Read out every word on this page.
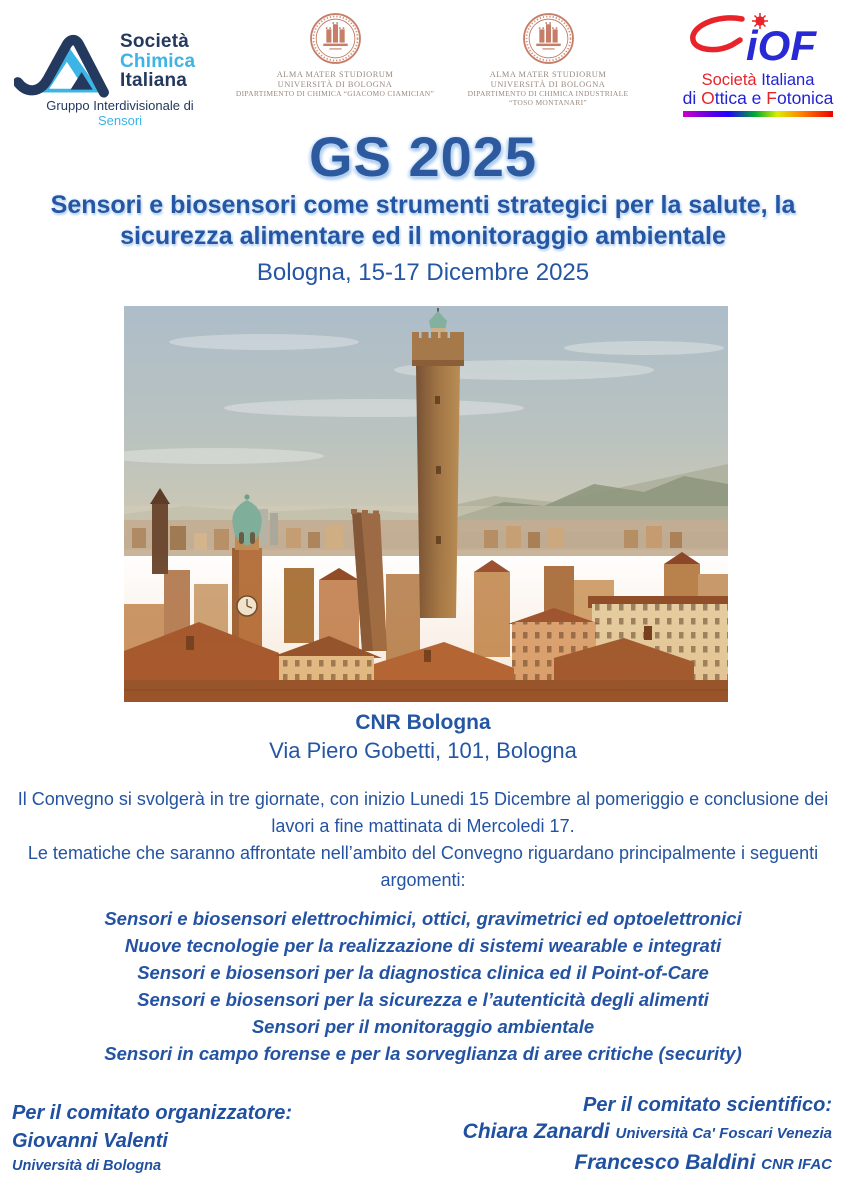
Società
Chimica
Italiana
Gruppo Interdivisionale di
Sensori
ALMA MATER STUDIORUM
UNIVERSITÀ DI BOLOGNA
DIPARTIMENTO DI CHIMICA “GIACOMO CIAMICIAN”
ALMA MATER STUDIORUM
UNIVERSITÀ DI BOLOGNA
DIPARTIMENTO DI CHIMICA INDUSTRIALE
“TOSO MONTANARI”
iOF
Società Italiana
di Ottica e Fotonica
GS 2025
Sensori e biosensori come strumenti strategici per la salute, la
sicurezza alimentare ed il monitoraggio ambientale
Bologna, 15-17 Dicembre 2025
CNR Bologna
Via Piero Gobetti, 101, Bologna
Il Convegno si svolgerà in tre giornate, con inizio Lunedi 15 Dicembre al pomeriggio e conclusione dei lavori a fine mattinata di Mercoledi 17.
Le tematiche che saranno affrontate nell’ambito del Convegno riguardano principalmente i seguenti argomenti:
Sensori e biosensori elettrochimici, ottici, gravimetrici ed optoelettronici
Nuove tecnologie per la realizzazione di sistemi wearable e integrati
Sensori e biosensori per la diagnostica clinica ed il Point-of-Care
Sensori e biosensori per la sicurezza e l’autenticità degli alimenti
Sensori per il monitoraggio ambientale
Sensori in campo forense e per la sorveglianza di aree critiche (security)
Per il comitato organizzatore:
Giovanni Valenti
Università di Bologna
Per il comitato scientifico:
Chiara Zanardi Università Ca' Foscari Venezia
Francesco Baldini CNR IFAC
